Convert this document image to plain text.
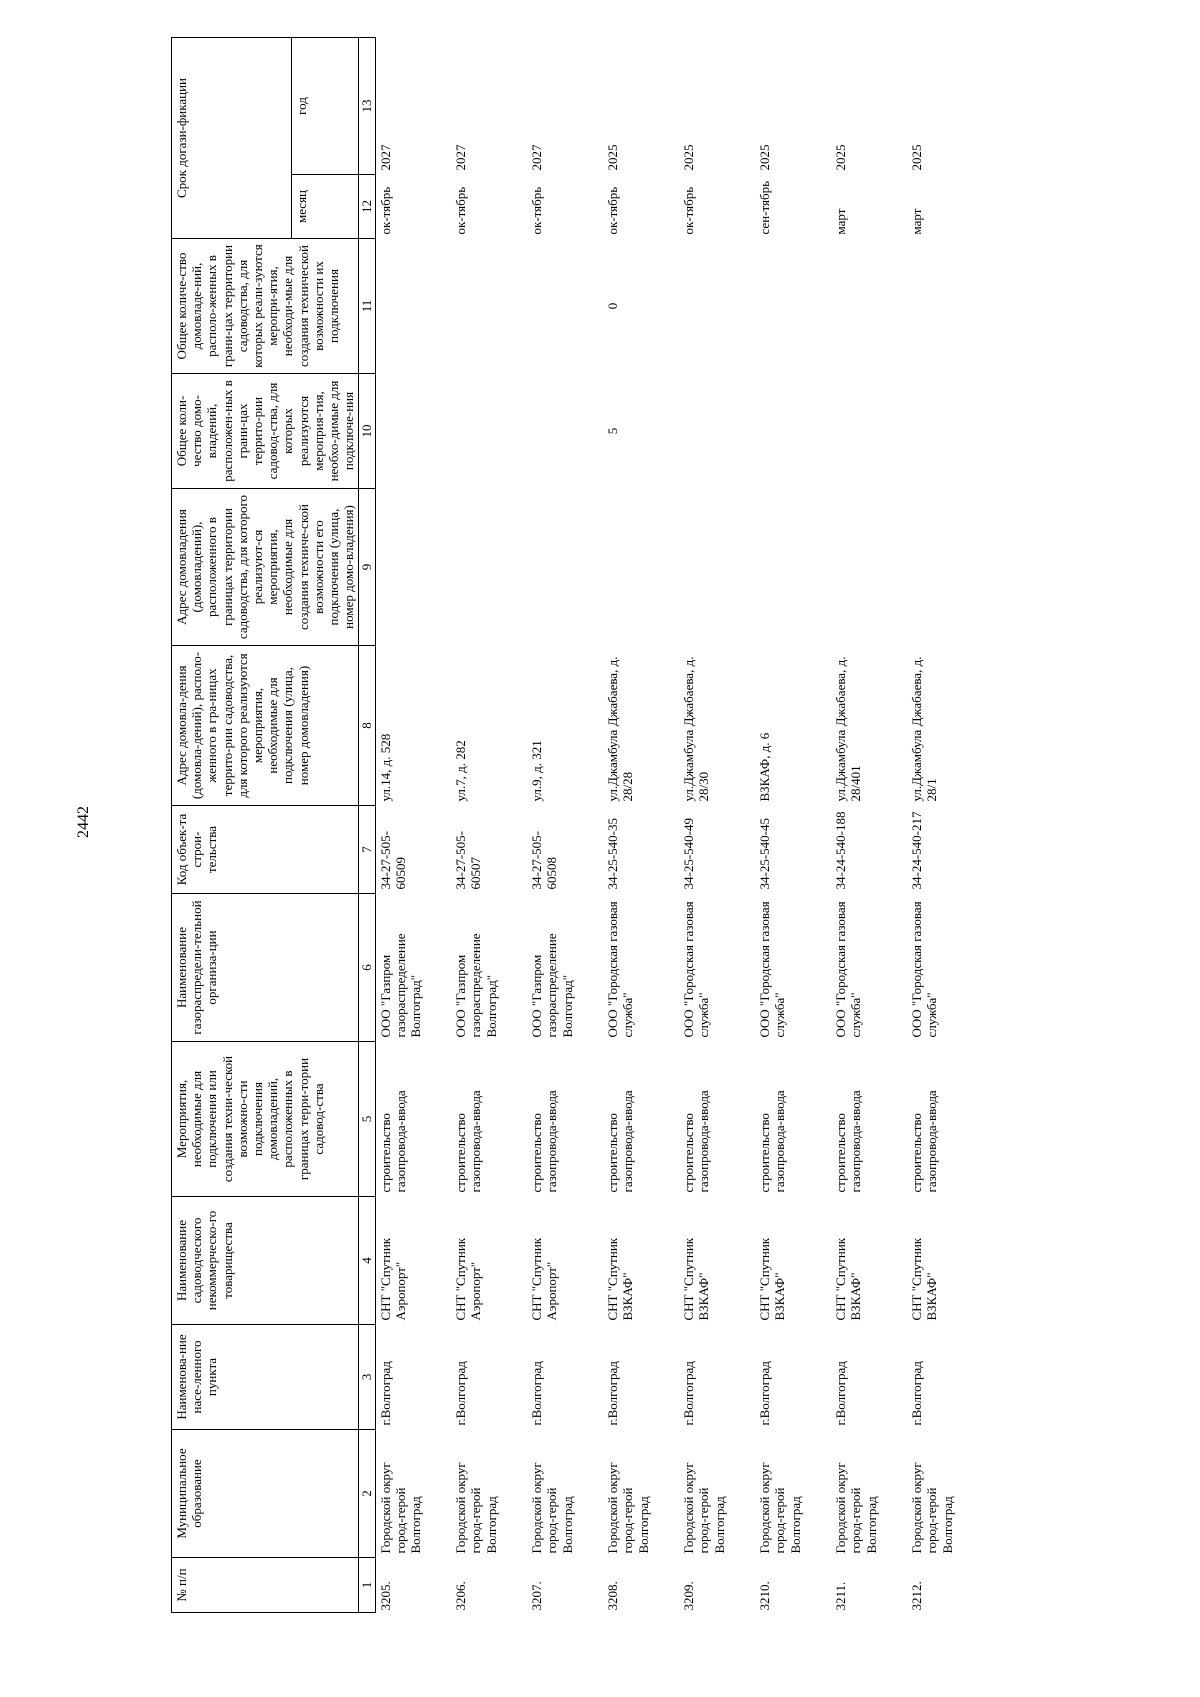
2442
№ п/п	Муниципальное образование	Наименова-ние насе-ленного пункта	Наименование садоводческого некоммерческо-го товарищества	Мероприятия, необходимые для подключения или создания техни-ческой возможно-сти подключения домовладений, расположенных в границах терри-тории садовод-ства	Наименование газораспредели-тельной организа-ции	Код объек-та строи-тельства	Адрес домовла-дения (домовла-дений), располо-женного в гра-ницах террито-рии садоводства, для которого реализуются мероприятия, необходимые для подключения (улица, номер домовладения)	Адрес домовладения (домовладений), расположенного в границах территории садоводства, для которого реализуют-ся мероприятия, необходимые для создания техниче-ской возможности его подключения (улица, номер домо-владения)	Общее коли-чество домо-владений, расположен-ных в грани-цах террито-рии садовод-ства, для которых реализуются мероприя-тия, необхо-димые для подключе-ния	Общее количе-ство домовладе-ний, располо-женных в грани-цах территории садоводства, для которых реали-зуются меропри-ятия, необходи-мые для создания технической возможности их подключения	Срок догази-фикации	
											месяц	год
1	2	3	4	5	6	7	8	9	10	11	12	13
3205.	Городской округ город-герой Волгоград	г.Волгоград	СНТ "Спутник Аэропорт"	строительство газопровода-ввода	ООО "Газпром газораспределение Волгоград"	34-27-505-60509	ул.14, д. 528				ок-тябрь	2027
3206.	Городской округ город-герой Волгоград	г.Волгоград	СНТ "Спутник Аэропорт"	строительство газопровода-ввода	ООО "Газпром газораспределение Волгоград"	34-27-505-60507	ул.7, д. 282				ок-тябрь	2027
3207.	Городской округ город-герой Волгоград	г.Волгоград	СНТ "Спутник Аэропорт"	строительство газопровода-ввода	ООО "Газпром газораспределение Волгоград"	34-27-505-60508	ул.9, д. 321				ок-тябрь	2027
3208.	Городской округ город-герой Волгоград	г.Волгоград	СНТ "Спутник ВЗКАФ"	строительство газопровода-ввода	ООО "Городская газовая служба"	34-25-540-35	ул.Джамбула Джабаева, д. 28/28		5	0	ок-тябрь	2025
3209.	Городской округ город-герой Волгоград	г.Волгоград	СНТ "Спутник ВЗКАФ"	строительство газопровода-ввода	ООО "Городская газовая служба"	34-25-540-49	ул.Джамбула Джабаева, д. 28/30				ок-тябрь	2025
3210.	Городской округ город-герой Волгоград	г.Волгоград	СНТ "Спутник ВЗКАФ"	строительство газопровода-ввода	ООО "Городская газовая служба"	34-25-540-45	ВЗКАФ, д. 6				сен-тябрь	2025
3211.	Городской округ город-герой Волгоград	г.Волгоград	СНТ "Спутник ВЗКАФ"	строительство газопровода-ввода	ООО "Городская газовая служба"	34-24-540-188	ул.Джамбула Джабаева, д. 28/401				март	2025
3212.	Городской округ город-герой Волгоград	г.Волгоград	СНТ "Спутник ВЗКАФ"	строительство газопровода-ввода	ООО "Городская газовая служба"	34-24-540-217	ул.Джамбула Джабаева, д. 28/1				март	2025
